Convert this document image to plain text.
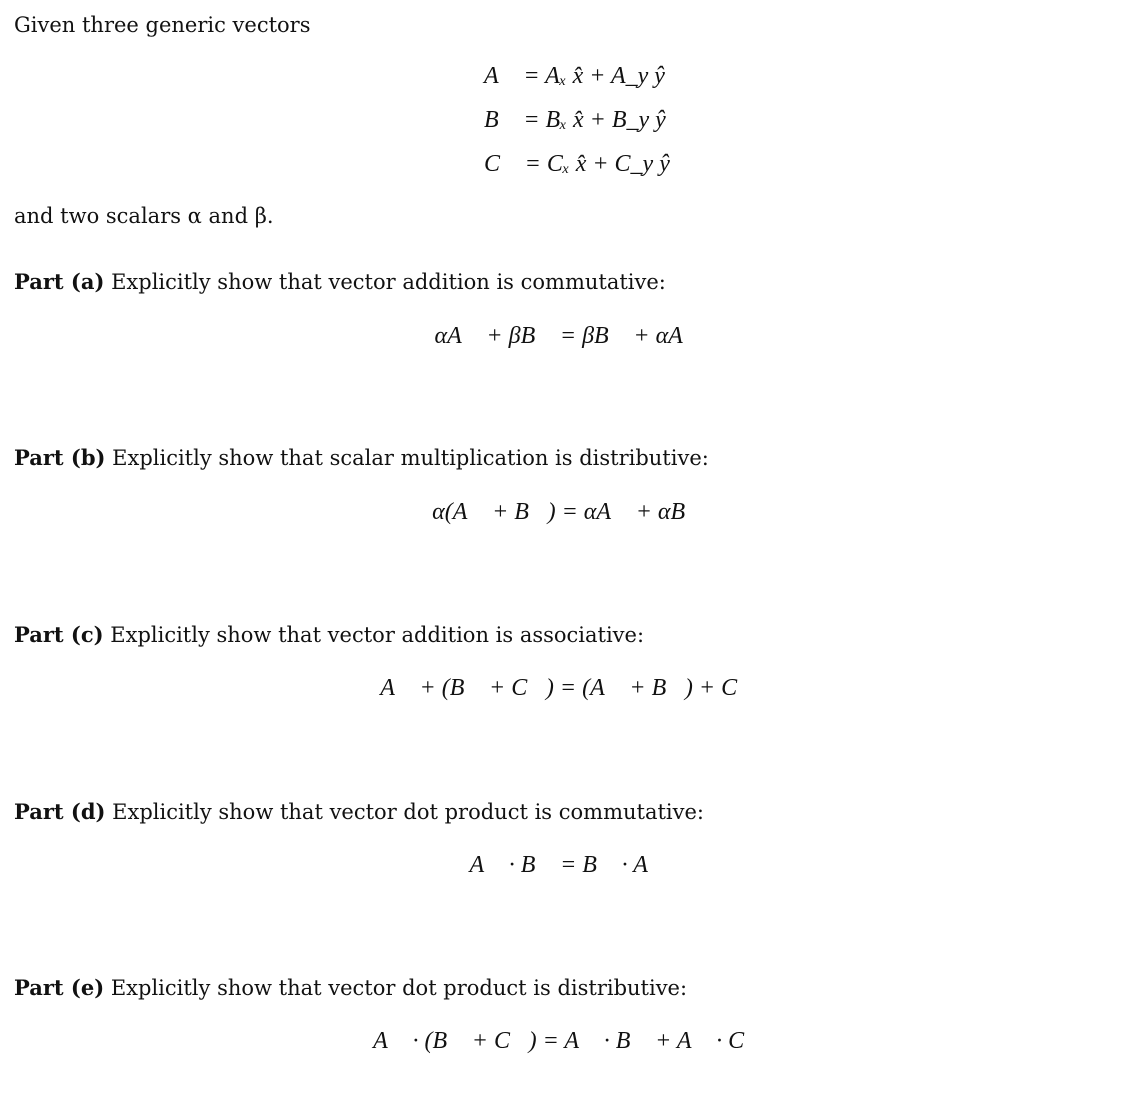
Given three generic vectors
A⃗ = Aₓ x̂ + A_y ŷ
B⃗ = Bₓ x̂ + B_y ŷ
C⃗ = Cₓ x̂ + C_y ŷ
and two scalars α and β.
Part (a) Explicitly show that vector addition is commutative:
αA⃗ + βB⃗ = βB⃗ + αA⃗
Part (b) Explicitly show that scalar multiplication is distributive:
α(A⃗ + B⃗) = αA⃗ + αB⃗
Part (c) Explicitly show that vector addition is associative:
A⃗ + (B⃗ + C⃗) = (A⃗ + B⃗) + C⃗
Part (d) Explicitly show that vector dot product is commutative:
A⃗ · B⃗ = B⃗ · A⃗
Part (e) Explicitly show that vector dot product is distributive:
A⃗ · (B⃗ + C⃗) = A⃗ · B⃗ + A⃗ · C⃗
